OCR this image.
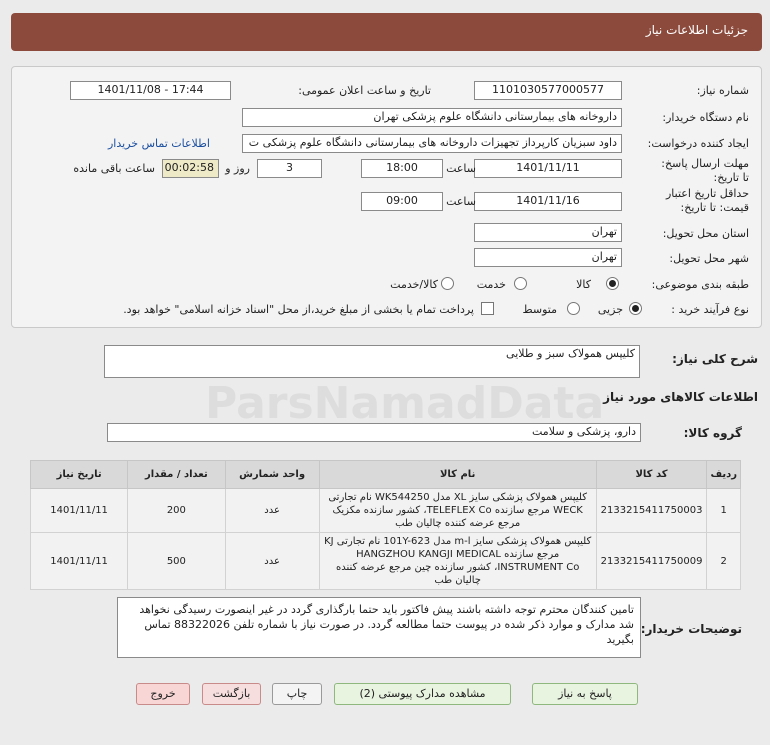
ParsNamadData
جزئیات اطلاعات نیاز
شماره نیاز:
1101030577000577
تاریخ و ساعت اعلان عمومی:
1401/11/08 - 17:44
نام دستگاه خریدار:
داروخانه های بیمارستانی دانشگاه علوم پزشکی تهران
ایجاد کننده درخواست:
داود سبزیان کارپرداز تجهیزات داروخانه های بیمارستانی دانشگاه علوم پزشکی ت
اطلاعات تماس خریدار
مهلت ارسال پاسخ: تا تاریخ:
1401/11/11
ساعت
18:00
3
روز و
00:02:58
ساعت باقی مانده
حداقل تاریخ اعتبار قیمت: تا تاریخ:
1401/11/16
ساعت
09:00
استان محل تحویل:
تهران
شهر محل تحویل:
تهران
طبقه بندی موضوعی:
کالا
خدمت
کالا/خدمت
نوع فرآیند خرید :
جزیی
متوسط
پرداخت تمام یا بخشی از مبلغ خرید،از محل "اسناد خزانه اسلامی" خواهد بود.
شرح کلی نیاز:
کلیپس همولاک سبز و طلایی
اطلاعات کالاهای مورد نیاز
گروه کالا:
دارو، پزشکی و سلامت
ردیف	کد کالا	نام کالا	واحد شمارش	تعداد / مقدار	تاریخ نیاز
1	2133215411750003	کلیپس همولاک پزشکی سایز XL مدل WK544250 نام تجارتی WECK مرجع سازنده TELEFLEX Co، کشور سازنده مکزیک مرجع عرضه کننده چالیان طب	عدد	200	1401/11/11
2	2133215411750009	کلیپس همولاک پزشکی سایز m-l مدل 101Y-623 نام تجارتی KJ مرجع سازنده HANGZHOU KANGJI MEDICAL INSTRUMENT Co، کشور سازنده چین مرجع عرضه کننده چالیان طب	عدد	500	1401/11/11
توضیحات خریدار:
تامین کنندگان محترم توجه داشته باشند پیش فاکتور باید حتما بارگذاری گردد در غیر اینصورت رسیدگی نخواهد شد مدارک و موارد ذکر شده در پیوست حتما مطالعه گردد. در صورت نیاز با شماره تلفن 88322026 تماس بگیرید
پاسخ به نیاز
مشاهده مدارک پیوستی (2)
چاپ
بازگشت
خروج
